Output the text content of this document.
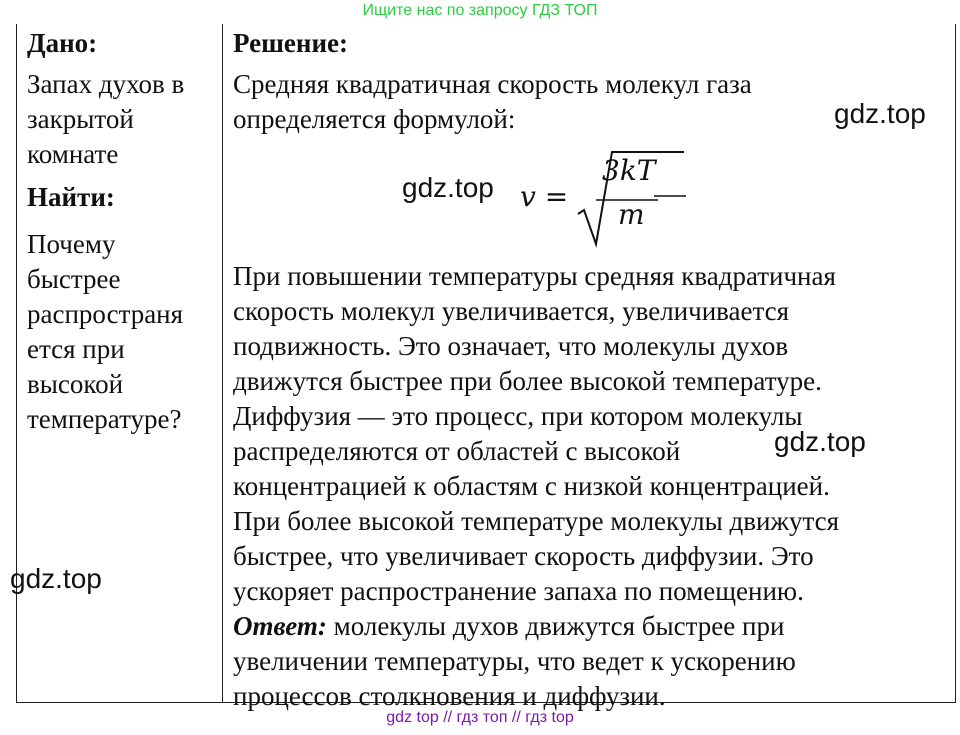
Ищите нас по запросу ГДЗ ТОП
Дано:
Запах духов в
закрытой
комнате
Найти:
Почему
быстрее
распространя
ется при
высокой
температуре?
Решение:
Средняя квадратичная скорость молекул газа
определяется формулой:
При повышении температуры средняя квадратичная
скорость молекул увеличивается, увеличивается
подвижность. Это означает, что молекулы духов
движутся быстрее при более высокой температуре.
Диффузия — это процесс, при котором молекулы
распределяются от областей с высокой
концентрацией к областям с низкой концентрацией.
При более высокой температуре молекулы движутся
быстрее, что увеличивает скорость диффузии. Это
ускоряет распространение запаха по помещению.
Ответ: молекулы духов движутся быстрее при
увеличении температуры, что ведет к ускорению
процессов столкновения и диффузии.
v =
3kT
m
gdz.top
gdz.top
gdz.top
gdz.top
gdz top // гдз топ // гдз top
